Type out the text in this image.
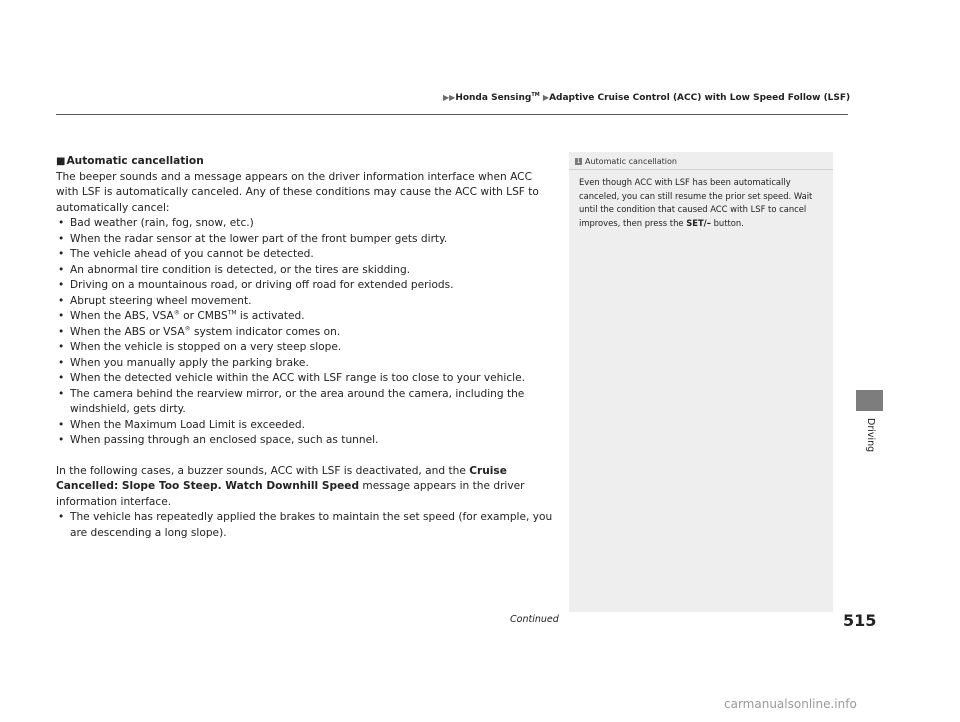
▶▶Honda Sensing™ ▶Adaptive Cruise Control (ACC) with Low Speed Follow (LSF)
■Automatic cancellation

The beeper sounds and a message appears on the driver information interface when ACC with LSF is automatically canceled. Any of these conditions may cause the ACC with LSF to automatically cancel:

• Bad weather (rain, fog, snow, etc.)
• When the radar sensor at the lower part of the front bumper gets dirty.
• The vehicle ahead of you cannot be detected.
• An abnormal tire condition is detected, or the tires are skidding.
• Driving on a mountainous road, or driving off road for extended periods.
• Abrupt steering wheel movement.
• When the ABS, VSA® or CMBS™ is activated.
• When the ABS or VSA® system indicator comes on.
• When the vehicle is stopped on a very steep slope.
• When you manually apply the parking brake.
• When the detected vehicle within the ACC with LSF range is too close to your vehicle.
• The camera behind the rearview mirror, or the area around the camera, including the windshield, gets dirty.
• When the Maximum Load Limit is exceeded.
• When passing through an enclosed space, such as tunnel.

In the following cases, a buzzer sounds, ACC with LSF is deactivated, and the Cruise Cancelled: Slope Too Steep. Watch Downhill Speed message appears in the driver information interface.

• The vehicle has repeatedly applied the brakes to maintain the set speed (for example, you are descending a long slope).
1 Automatic cancellation
Even though ACC with LSF has been automatically canceled, you can still resume the prior set speed. Wait until the condition that caused ACC with LSF to cancel improves, then press the SET/– button.
Driving
Continued	515
carmanualsonline.info
